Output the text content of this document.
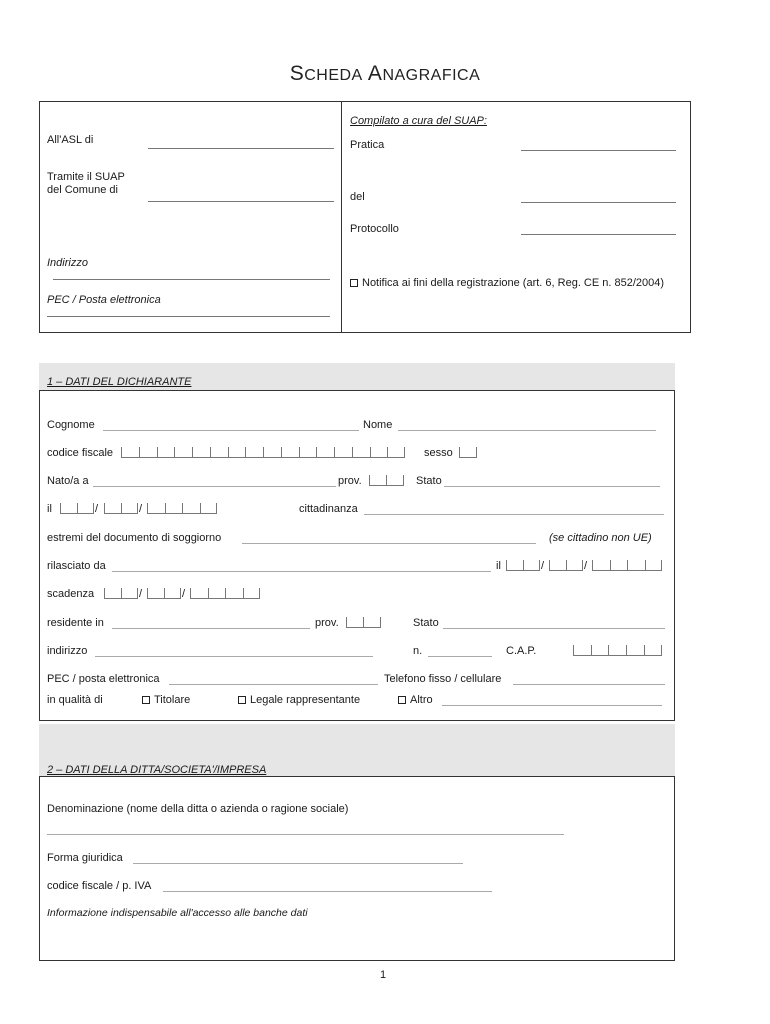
SCHEDA ANAGRAFICA
All'ASL di
Tramite il SUAP
del Comune di
Indirizzo
PEC / Posta elettronica
Compilato a cura del SUAP:
Pratica
del
Protocollo
Notifica ai fini della registrazione (art. 6, Reg. CE n. 852/2004)
1 – DATI DEL DICHIARANTE
Cognome	Nome
codice fiscale	sesso
Nato/a a	prov.	Stato
il	/	/	cittadinanza
estremi del documento di soggiorno	(se cittadino non UE)
rilasciato da	il	/	/
scadenza	/	/
residente in	prov.	Stato
indirizzo	n.	C.A.P.
PEC / posta elettronica	Telefono fisso / cellulare
in qualità di	Titolare	Legale rappresentante	Altro
2 – DATI DELLA DITTA/SOCIETA'/IMPRESA
Denominazione (nome della ditta o azienda o ragione sociale)
Forma giuridica
codice fiscale / p. IVA
Informazione indispensabile all'accesso alle banche dati
1
